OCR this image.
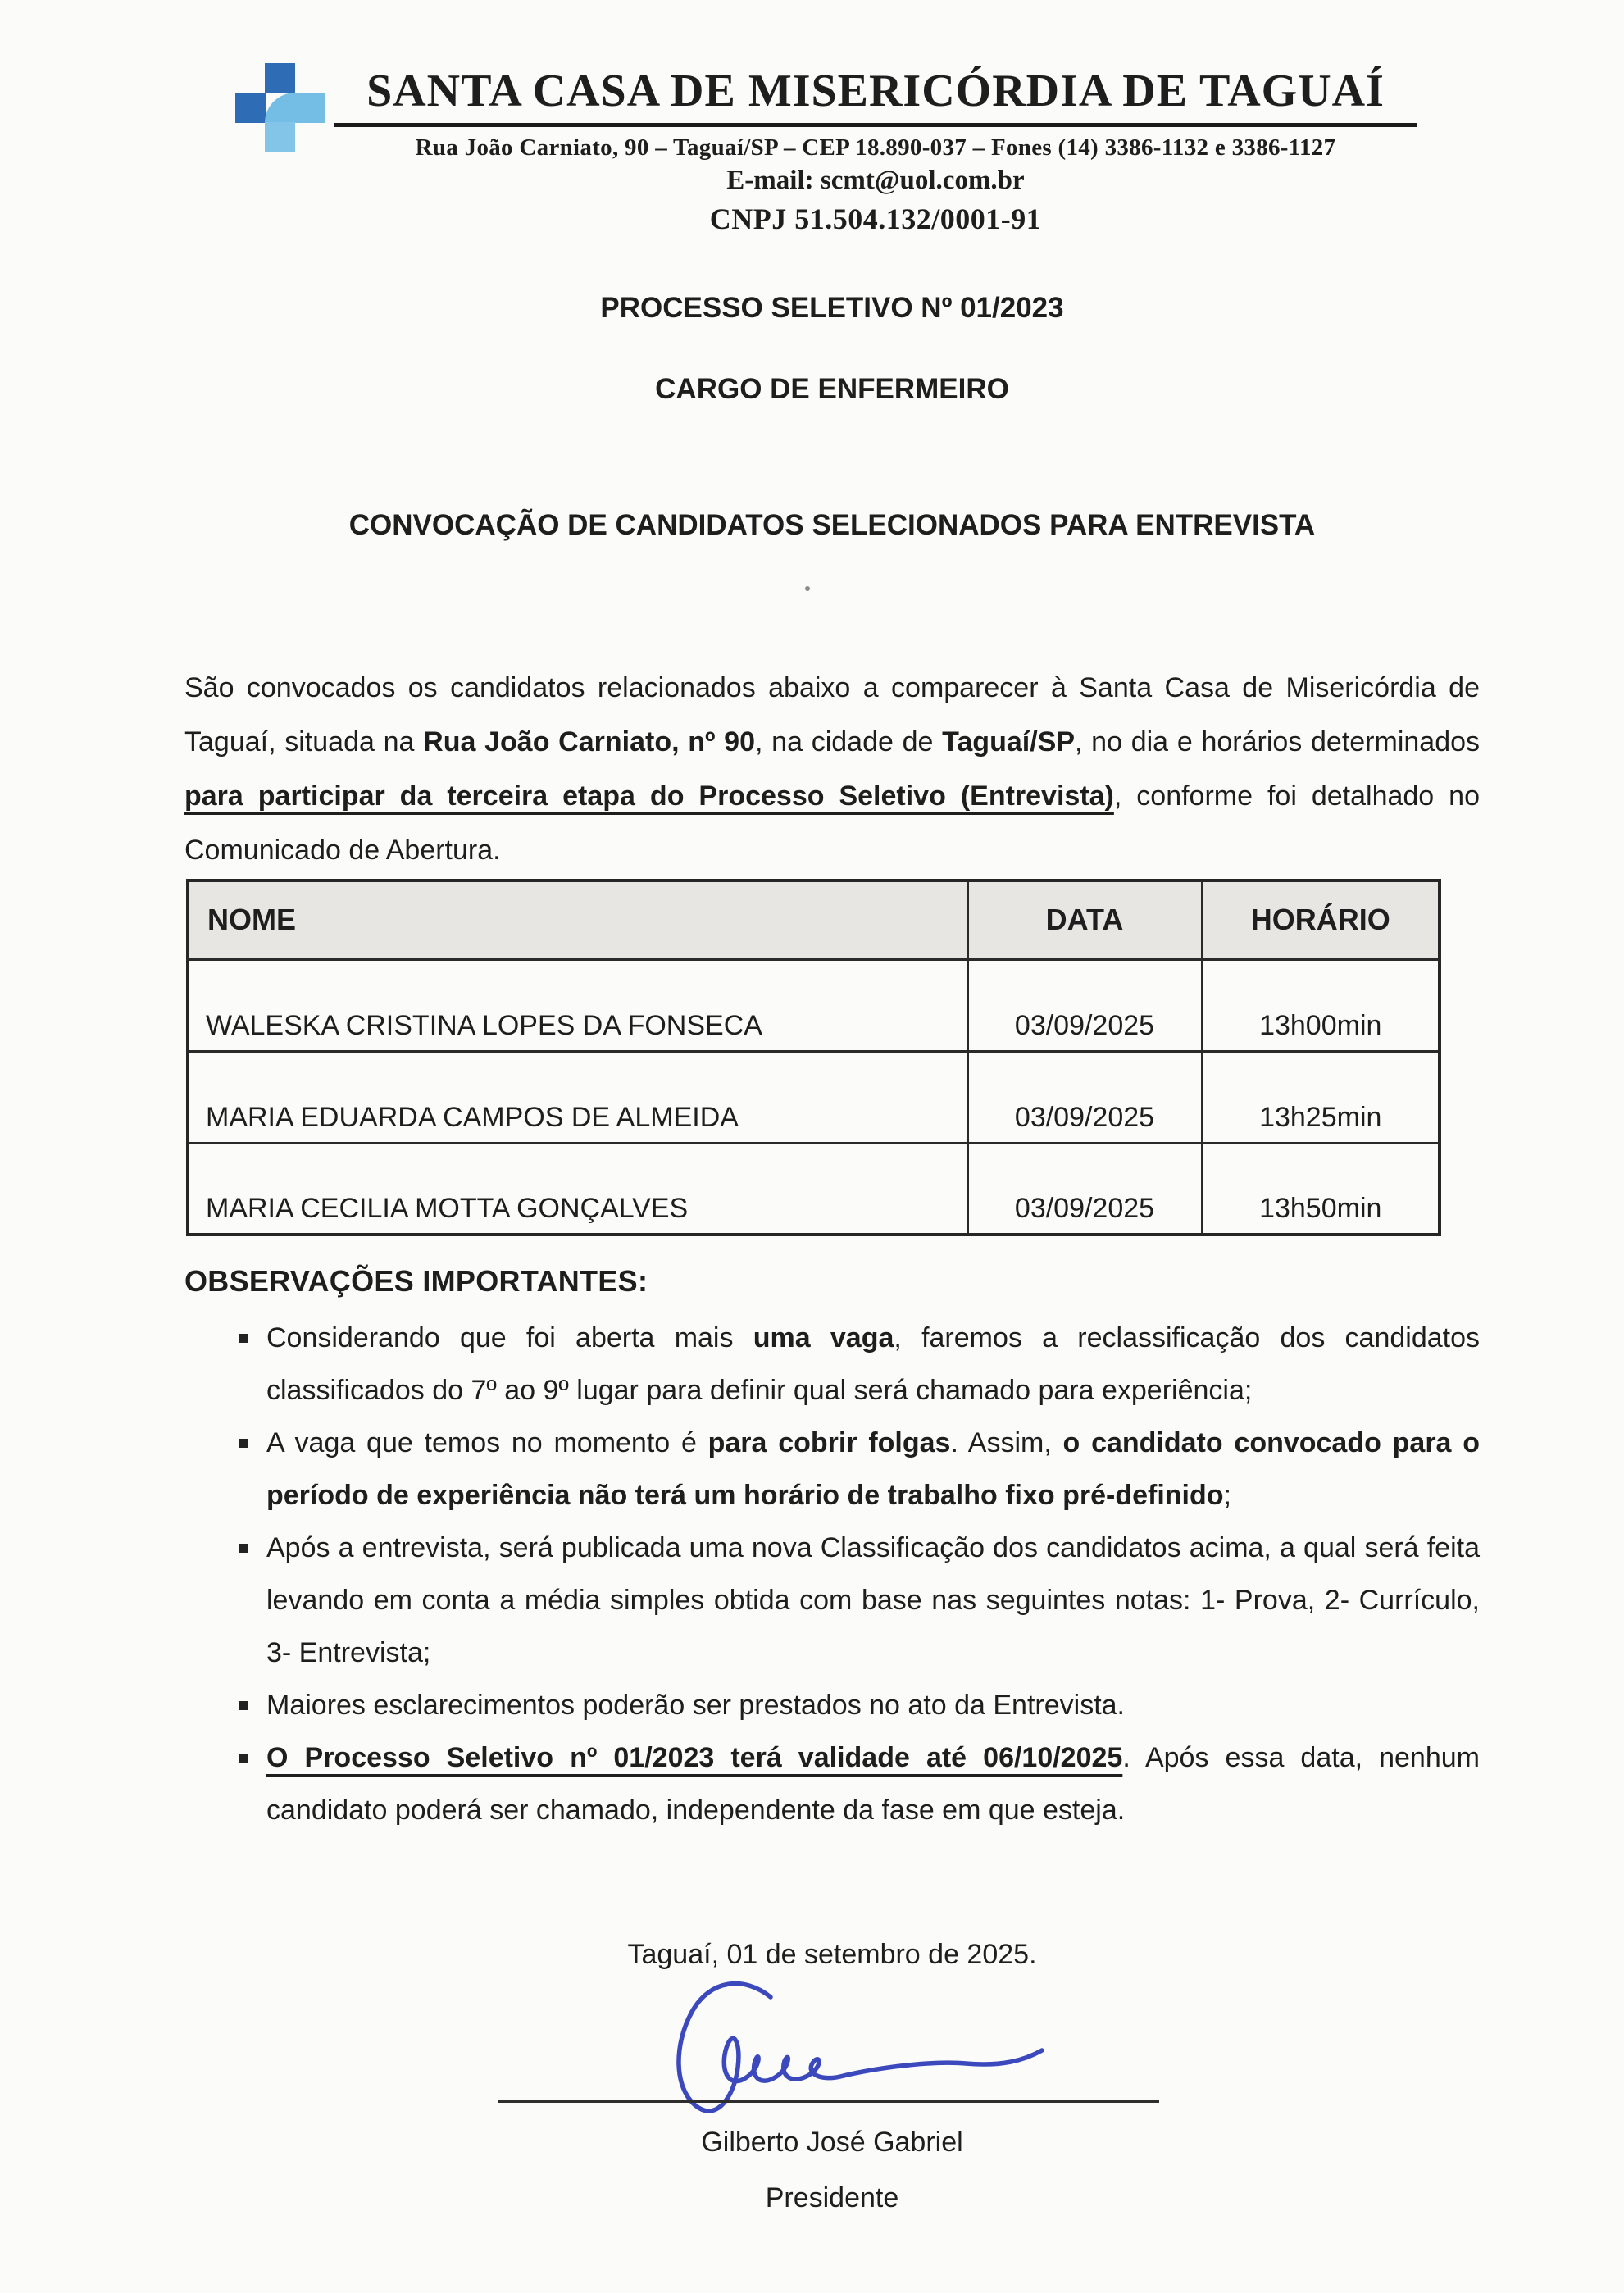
SANTA CASA DE MISERICÓRDIA DE TAGUAÍ
Rua João Carniato, 90 – Taguaí/SP – CEP 18.890-037 – Fones (14) 3386-1132 e 3386-1127
E-mail: scmt@uol.com.br
CNPJ 51.504.132/0001-91
PROCESSO SELETIVO Nº 01/2023
CARGO DE ENFERMEIRO
CONVOCAÇÃO DE CANDIDATOS SELECIONADOS PARA ENTREVISTA

São convocados os candidatos relacionados abaixo a comparecer à Santa Casa de Misericórdia de Taguaí, situada na Rua João Carniato, nº 90, na cidade de Taguaí/SP, no dia e horários determinados para participar da terceira etapa do Processo Seletivo (Entrevista), conforme foi detalhado no Comunicado de Abertura.

NOME	DATA	HORÁRIO
WALESKA CRISTINA LOPES DA FONSECA	03/09/2025	13h00min
MARIA EDUARDA CAMPOS DE ALMEIDA	03/09/2025	13h25min
MARIA CECILIA MOTTA GONÇALVES	03/09/2025	13h50min
OBSERVAÇÕES IMPORTANTES:
Considerando que foi aberta mais uma vaga, faremos a reclassificação dos candidatos classificados do 7º ao 9º lugar para definir qual será chamado para experiência;
A vaga que temos no momento é para cobrir folgas. Assim, o candidato convocado para o período de experiência não terá um horário de trabalho fixo pré-definido;
Após a entrevista, será publicada uma nova Classificação dos candidatos acima, a qual será feita levando em conta a média simples obtida com base nas seguintes notas: 1- Prova, 2- Currículo, 3- Entrevista;
Maiores esclarecimentos poderão ser prestados no ato da Entrevista.
O Processo Seletivo nº 01/2023 terá validade até 06/10/2025. Após essa data, nenhum candidato poderá ser chamado, independente da fase em que esteja.
Taguaí, 01 de setembro de 2025.
Gilberto José Gabriel
Presidente
